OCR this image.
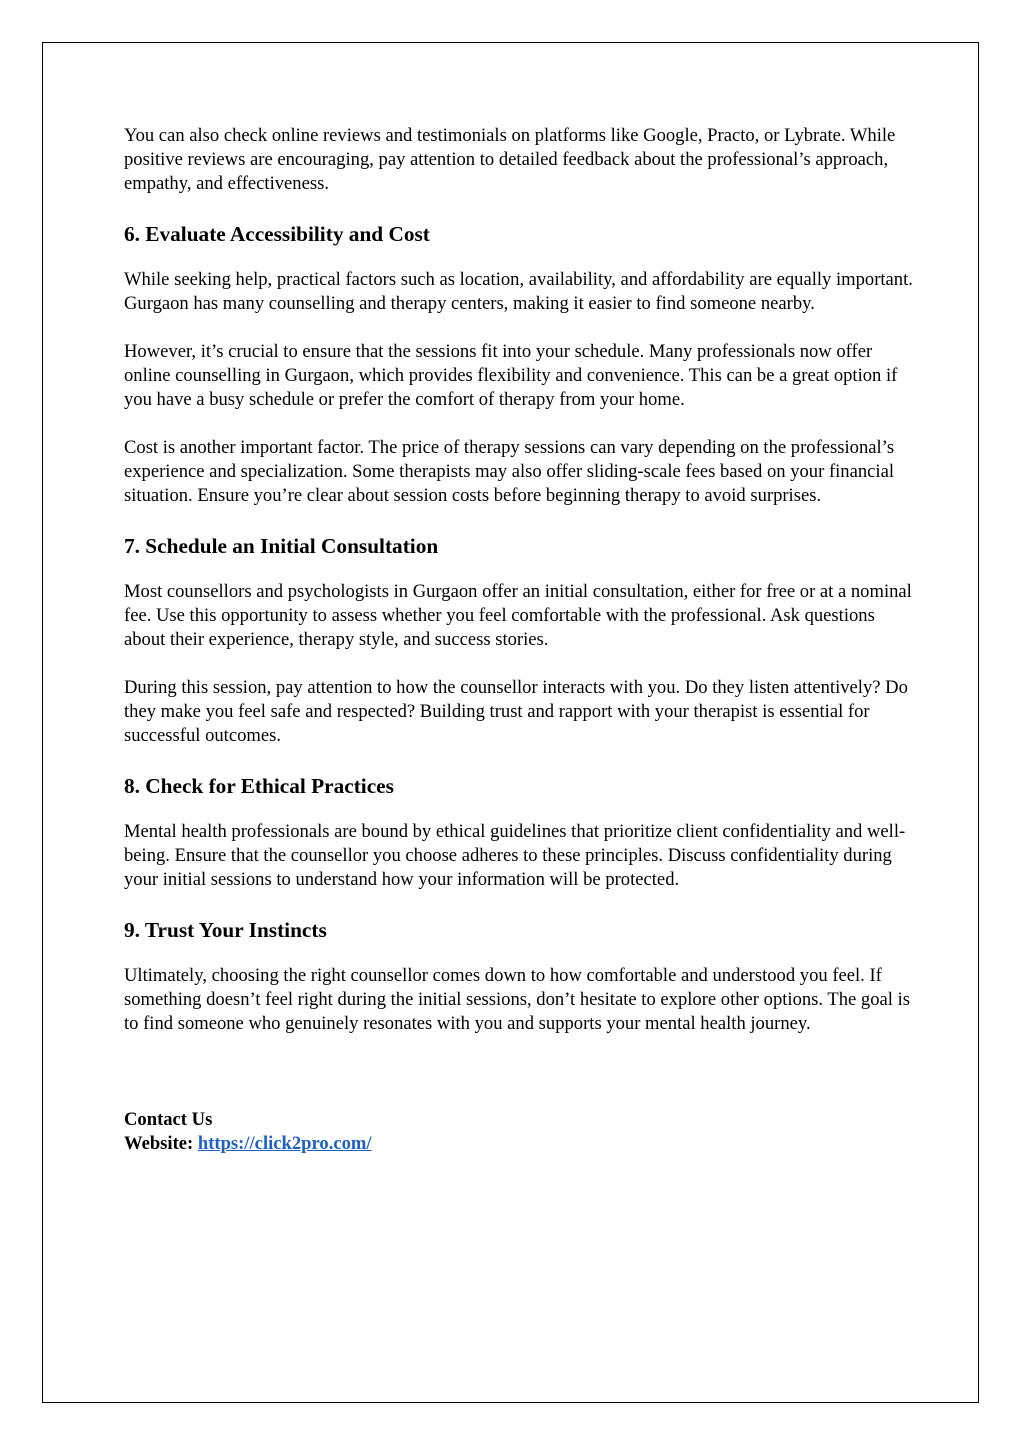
You can also check online reviews and testimonials on platforms like Google, Practo, or Lybrate. While positive reviews are encouraging, pay attention to detailed feedback about the professional’s approach, empathy, and effectiveness.

6. Evaluate Accessibility and Cost

While seeking help, practical factors such as location, availability, and affordability are equally important. Gurgaon has many counselling and therapy centers, making it easier to find someone nearby.

However, it’s crucial to ensure that the sessions fit into your schedule. Many professionals now offer online counselling in Gurgaon, which provides flexibility and convenience. This can be a great option if you have a busy schedule or prefer the comfort of therapy from your home.

Cost is another important factor. The price of therapy sessions can vary depending on the professional’s experience and specialization. Some therapists may also offer sliding-scale fees based on your financial situation. Ensure you’re clear about session costs before beginning therapy to avoid surprises.

7. Schedule an Initial Consultation

Most counsellors and psychologists in Gurgaon offer an initial consultation, either for free or at a nominal fee. Use this opportunity to assess whether you feel comfortable with the professional. Ask questions about their experience, therapy style, and success stories.

During this session, pay attention to how the counsellor interacts with you. Do they listen attentively? Do they make you feel safe and respected? Building trust and rapport with your therapist is essential for successful outcomes.

8. Check for Ethical Practices

Mental health professionals are bound by ethical guidelines that prioritize client confidentiality and well-being. Ensure that the counsellor you choose adheres to these principles. Discuss confidentiality during your initial sessions to understand how your information will be protected.

9. Trust Your Instincts

Ultimately, choosing the right counsellor comes down to how comfortable and understood you feel. If something doesn’t feel right during the initial sessions, don’t hesitate to explore other options. The goal is to find someone who genuinely resonates with you and supports your mental health journey.

Contact Us

Website: https://click2pro.com/
